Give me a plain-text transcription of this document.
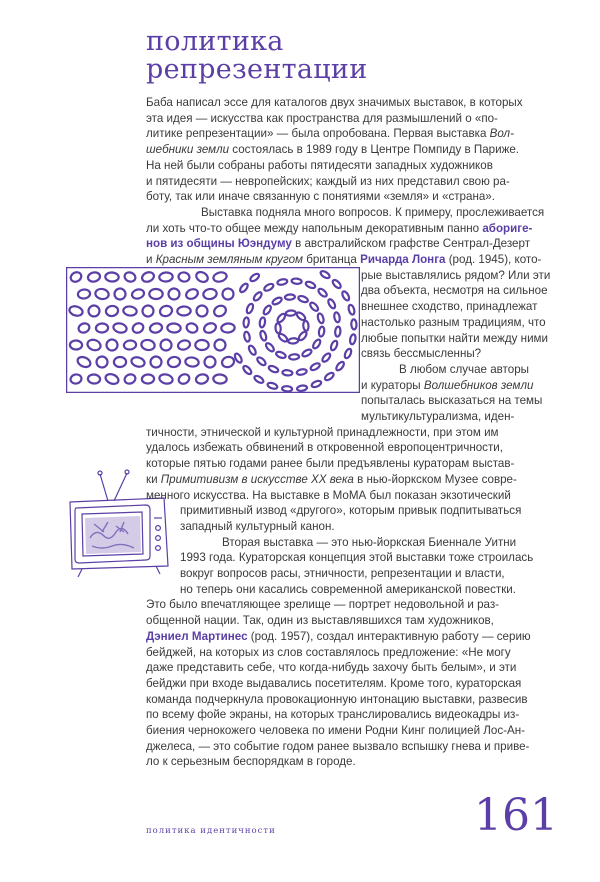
политика
репрезентации
Баба написал эссе для каталогов двух значимых выставок, в которых
эта идея — искусства как пространства для размышлений о «по-
литике репрезентации» — была опробована. Первая выставка Вол-
шебники земли состоялась в 1989 году в Центре Помпиду в Париже.
На ней были собраны работы пятидесяти западных художников
и пятидесяти — невропейских; каждый из них представил свою ра-
боту, так или иначе связанную с понятиями «земля» и «страна».
Выставка подняла много вопросов. К примеру, прослеживается
ли хоть что-то общее между напольным декоративным панно абориге-
нов из общины Юэндуму в австралийском графстве Сентрал-Дезерт
и Красным земляным кругом британца Ричарда Лонга (род. 1945), кото-
рые выставлялись рядом? Или эти
два объекта, несмотря на сильное
внешнее сходство, принадлежат
настолько разным традициям, что
любые попытки найти между ними
связь бессмысленны?
В любом случае авторы
и кураторы Волшебников земли
попыталась высказаться на темы
мультикультурализма, иден-
тичности, этнической и культурной принадлежности, при этом им
удалось избежать обвинений в откровенной европоцентричности,
которые пятью годами ранее были предъявлены кураторам выстав-
ки Примитивизм в искусстве XX века в нью-йоркском Музее совре-
менного искусства. На выставке в МоМА был показан экзотический
примитивный извод «другого», которым привык подпитываться
западный культурный канон.
Вторая выставка — это нью-йоркская Биеннале Уитни
1993 года. Кураторская концепция этой выставки тоже строилась
вокруг вопросов расы, этничности, репрезентации и власти,
но теперь они касались современной американской повестки.
Это было впечатляющее зрелище — портрет недовольной и раз-
общенной нации. Так, один из выставлявшихся там художников,
Дэниел Мартинес (род. 1957), создал интерактивную работу — серию
бейджей, на которых из слов составлялось предложение: «Не могу
даже представить себе, что когда-нибудь захочу быть белым», и эти
бейджи при входе выдавались посетителям. Кроме того, кураторская
команда подчеркнула провокационную интонацию выставки, развесив
по всему фойе экраны, на которых транслировались видеокадры из-
биения чернокожего человека по имени Родни Кинг полицией Лос-Ан-
джелеса, — это событие годом ранее вызвало вспышку гнева и приве-
ло к серьезным беспорядкам в городе.
политика идентичности	161
